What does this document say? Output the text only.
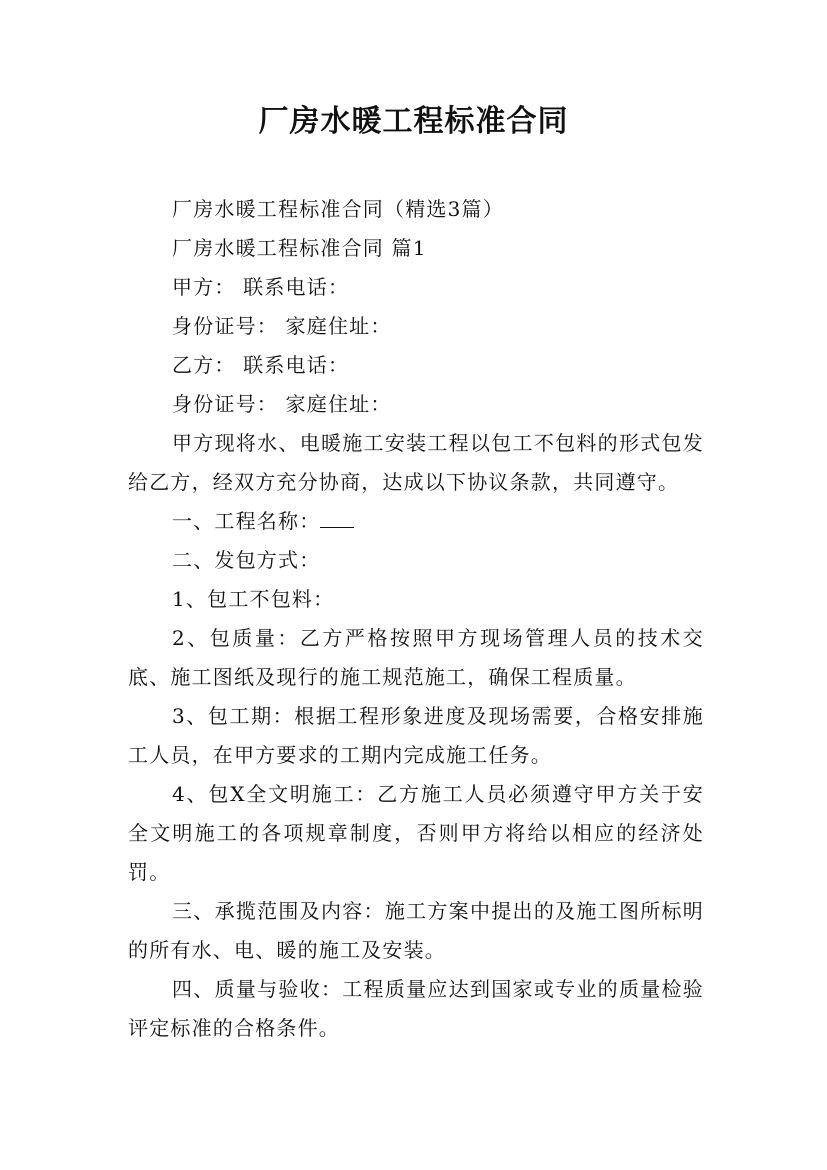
厂房水暖工程标准合同

厂房水暖工程标准合同（精选3篇）

厂房水暖工程标准合同 篇1

甲方： 联系电话：

身份证号： 家庭住址：

乙方： 联系电话：

身份证号： 家庭住址：

甲方现将水、电暖施工安装工程以包工不包料的形式包发给乙方，经双方充分协商，达成以下协议条款，共同遵守。

一、工程名称：

二、发包方式：

1、包工不包料：

2、包质量：乙方严格按照甲方现场管理人员的技术交底、施工图纸及现行的施工规范施工，确保工程质量。

3、包工期：根据工程形象进度及现场需要，合格安排施工人员，在甲方要求的工期内完成施工任务。

4、包X全文明施工：乙方施工人员必须遵守甲方关于安全文明施工的各项规章制度，否则甲方将给以相应的经济处罚。

三、承揽范围及内容：施工方案中提出的及施工图所标明的所有水、电、暖的施工及安装。

四、质量与验收：工程质量应达到国家或专业的质量检验评定标准的合格条件。
